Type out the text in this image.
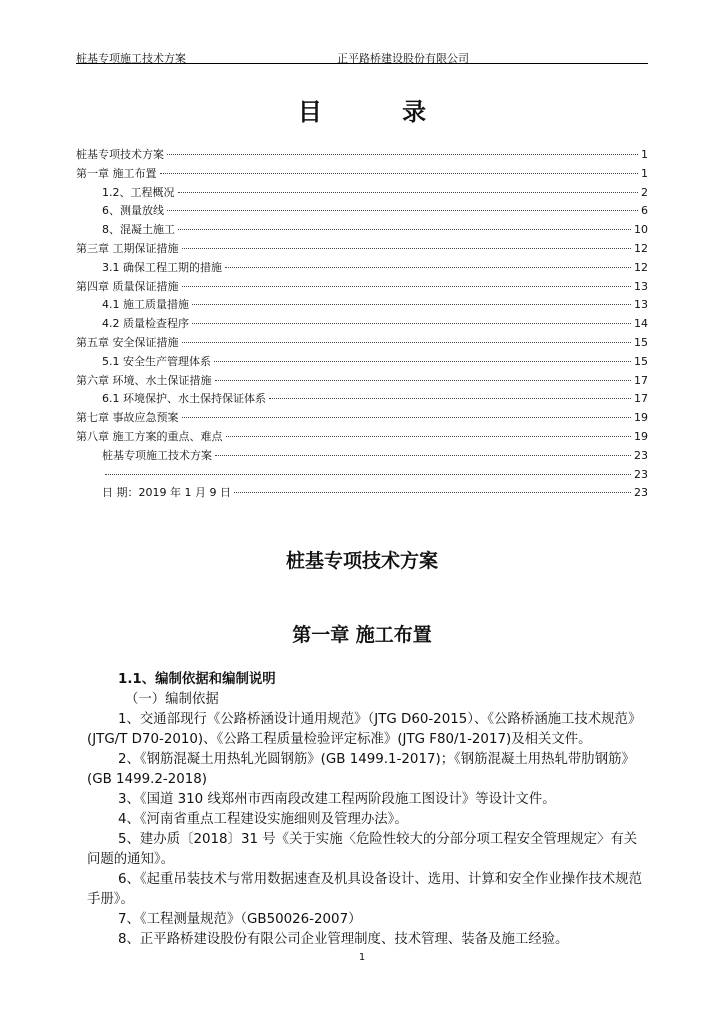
桩基专项施工技术方案	正平路桥建设股份有限公司
目 录
桩基专项技术方案	1
第一章 施工布置	1
1.2、工程概况	2
6、测量放线	6
8、混凝土施工	10
第三章 工期保证措施	12
3.1 确保工程工期的措施	12
第四章 质量保证措施	13
4.1 施工质量措施	13
4.2 质量检查程序	14
第五章 安全保证措施	15
5.1 安全生产管理体系	15
第六章 环境、水土保证措施	17
6.1 环境保护、水土保持保证体系	17
第七章 事故应急预案	19
第八章 施工方案的重点、难点	19
桩基专项施工技术方案	23
23
日 期：2019 年 1 月 9 日	23
桩基专项技术方案
第一章 施工布置

1.1、编制依据和编制说明

（一）编制依据

1、交通部现行《公路桥涵设计通用规范》（JTG D60-2015）、《公路桥涵施工技术规范》(JTG/T D70-2010)、《公路工程质量检验评定标准》(JTG F80/1-2017)及相关文件。

2、《钢筋混凝土用热轧光圆钢筋》(GB 1499.1-2017)；《钢筋混凝土用热轧带肋钢筋》(GB 1499.2-2018)

3、《国道 310 线郑州市西南段改建工程两阶段施工图设计》等设计文件。

4、《河南省重点工程建设实施细则及管理办法》。

5、建办质〔2018〕31 号《关于实施〈危险性较大的分部分项工程安全管理规定〉有关问题的通知》。

6、《起重吊装技术与常用数据速查及机具设备设计、选用、计算和安全作业操作技术规范手册》。

7、《工程测量规范》（GB50026-2007）

8、正平路桥建设股份有限公司企业管理制度、技术管理、装备及施工经验。

1
